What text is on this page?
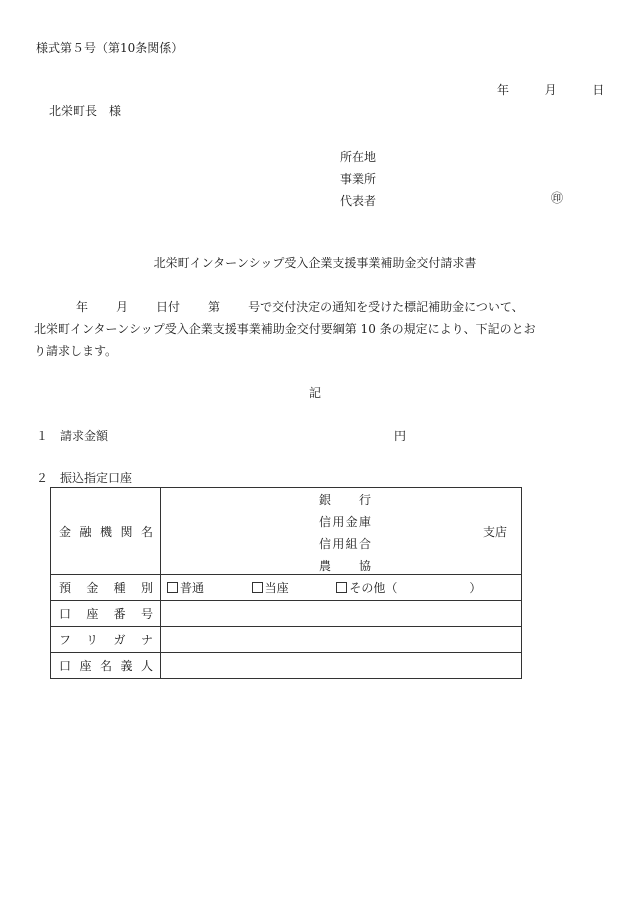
様式第５号（第10条関係）
年	月	日
北栄町長　様
所在地
事業所
代表者	㊞
北栄町インターンシップ受入企業支援事業補助金交付請求書
年 月 日付 第 号で交付決定の通知を受けた標記補助金について、
北栄町インターンシップ受入企業支援事業補助金交付要綱第 10 条の規定により、下記のとお
り請求します。
記
１　請求金額	円
２　振込指定口座
金融機関名	銀　　行
信用金庫
信用組合
農　　協
支店

預金種別	普通 当座 その他（　　　　　　）
口座番号	
フリガナ	
口座名義人	
